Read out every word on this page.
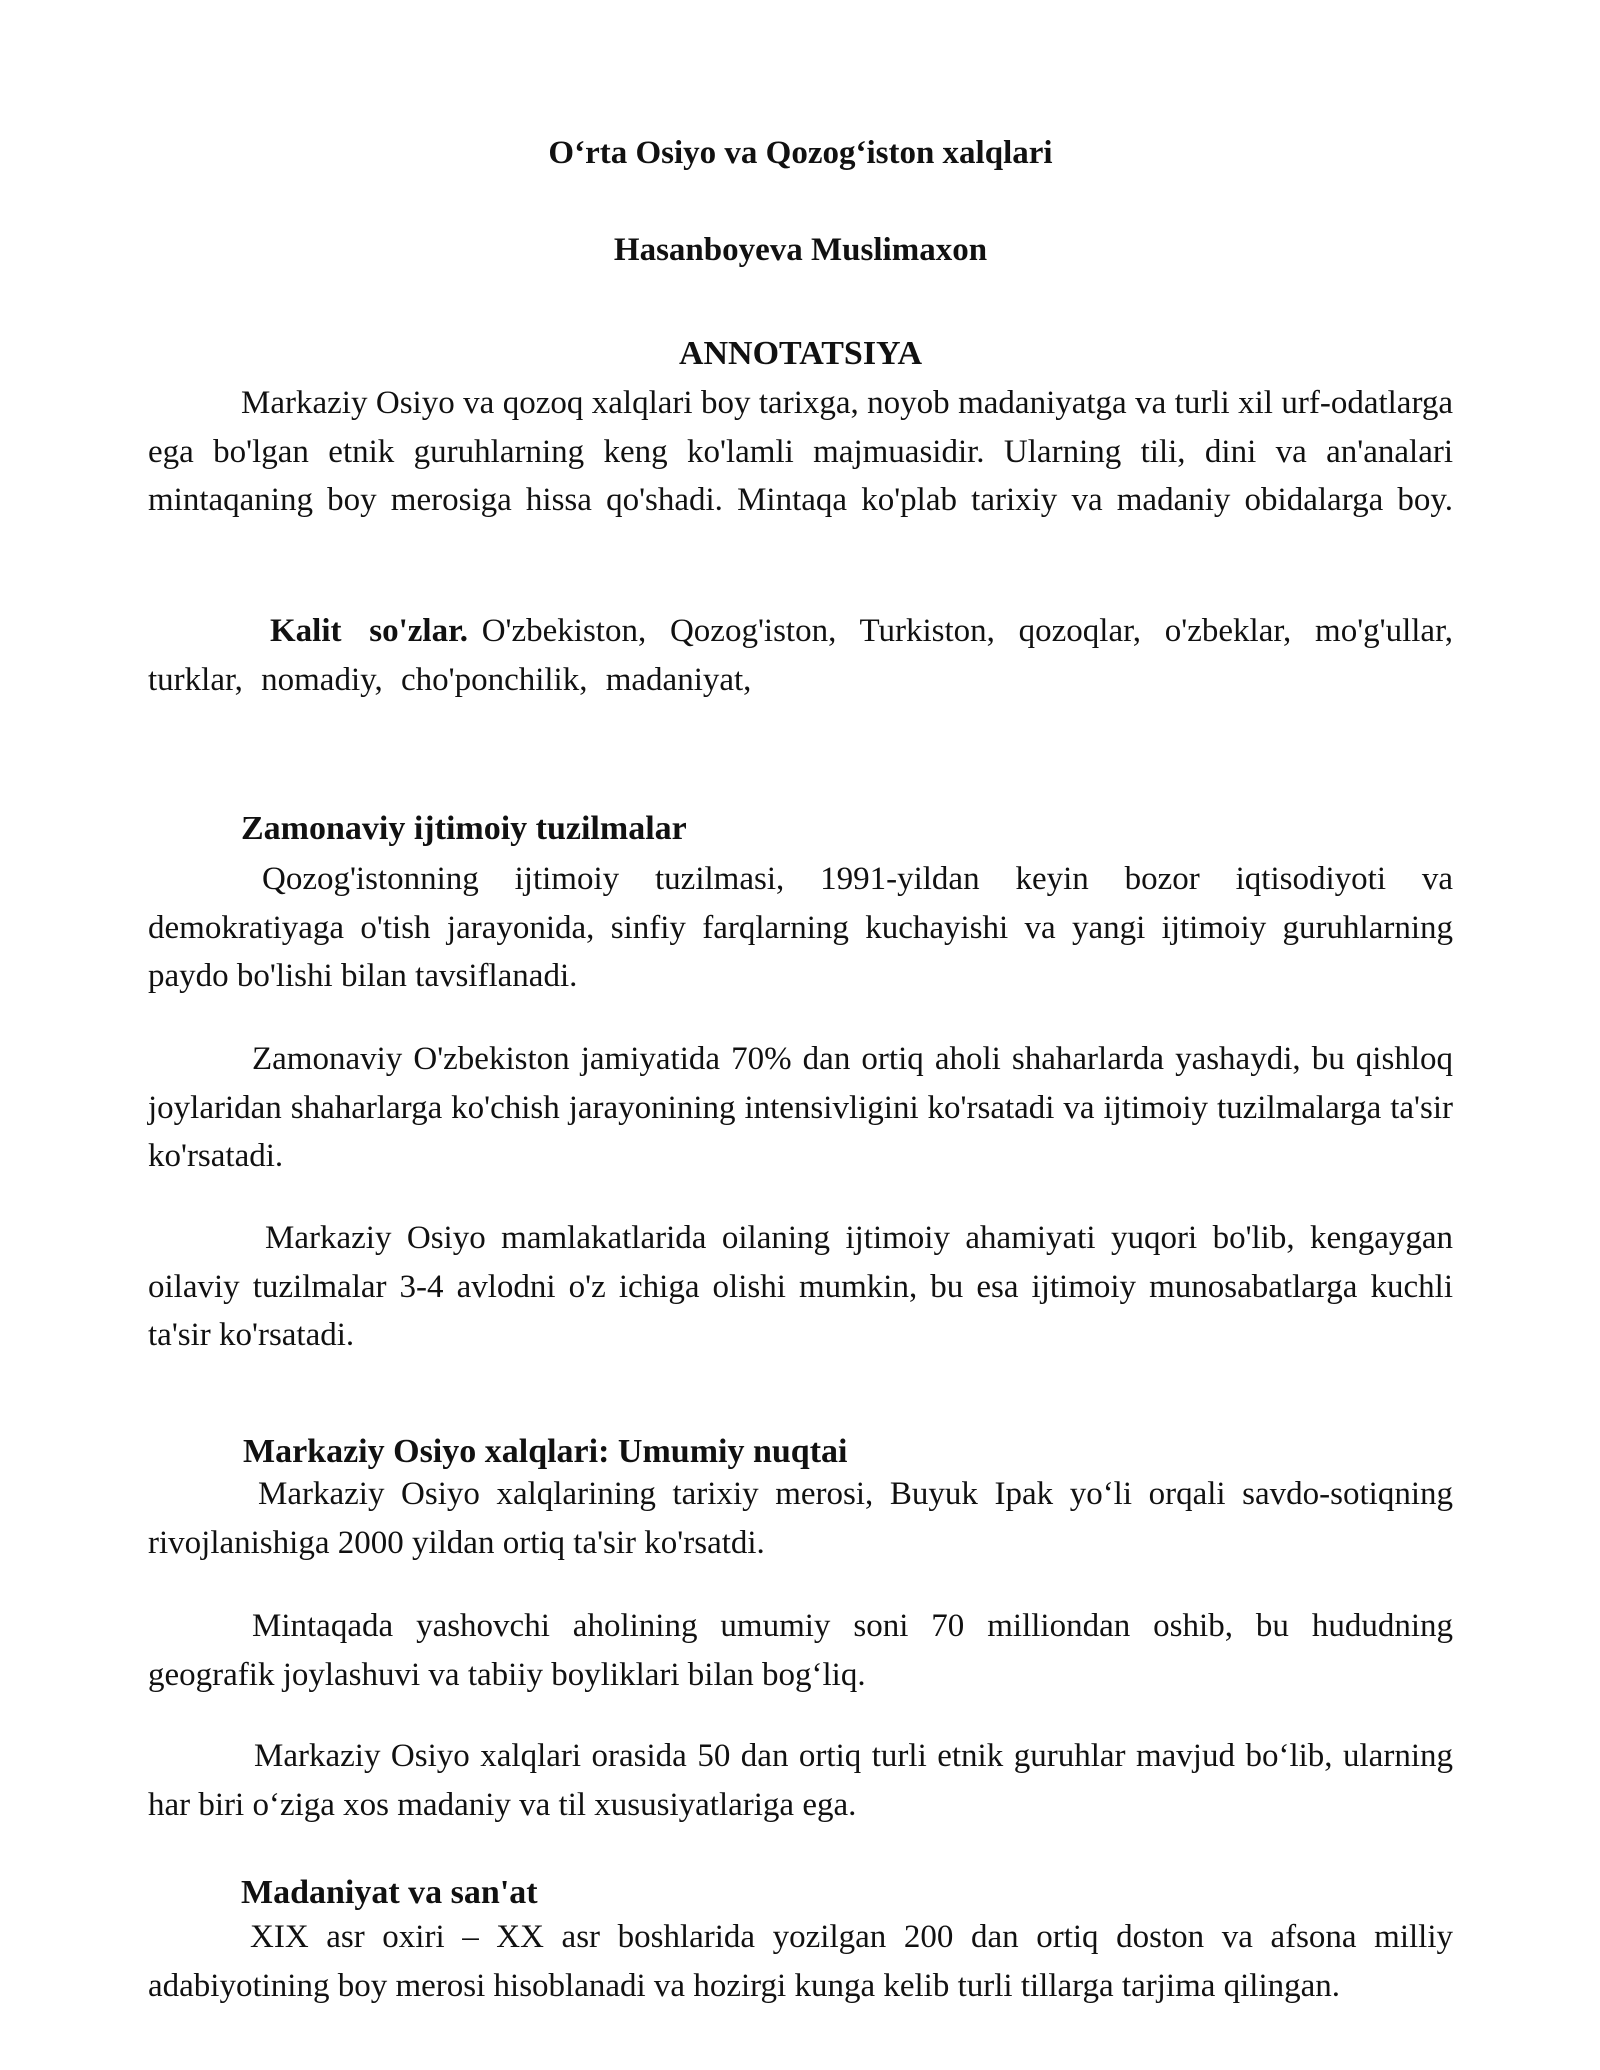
O‘rta Osiyo va Qozog‘iston xalqlari
Hasanboyeva Muslimaxon
ANNOTATSIYA

Markaziy Osiyo va qozoq xalqlari boy tarixga, noyob madaniyatga va turli xil urf-odatlarga ega bo'lgan etnik guruhlarning keng ko'lamli majmuasidir. Ularning tili, dini va an'analari mintaqaning boy merosiga hissa qo'shadi. Mintaqa ko'plab tarixiy va madaniy obidalarga boy.

Kalit so'zlar. O'zbekiston, Qozog'iston, Turkiston, qozoqlar, o'zbeklar, mo'g'ullar, turklar, nomadiy, cho'ponchilik, madaniyat,

Zamonaviy ijtimoiy tuzilmalar

Qozog'istonning ijtimoiy tuzilmasi, 1991-yildan keyin bozor iqtisodiyoti va demokratiyaga o'tish jarayonida, sinfiy farqlarning kuchayishi va yangi ijtimoiy guruhlarning paydo bo'lishi bilan tavsiflanadi.

Zamonaviy O'zbekiston jamiyatida 70% dan ortiq aholi shaharlarda yashaydi, bu qishloq joylaridan shaharlarga ko'chish jarayonining intensivligini ko'rsatadi va ijtimoiy tuzilmalarga ta'sir ko'rsatadi.

Markaziy Osiyo mamlakatlarida oilaning ijtimoiy ahamiyati yuqori bo'lib, kengaygan oilaviy tuzilmalar 3-4 avlodni o'z ichiga olishi mumkin, bu esa ijtimoiy munosabatlarga kuchli ta'sir ko'rsatadi.

Markaziy Osiyo xalqlari: Umumiy nuqtai

Markaziy Osiyo xalqlarining tarixiy merosi, Buyuk Ipak yo‘li orqali savdo-sotiqning rivojlanishiga 2000 yildan ortiq ta'sir ko'rsatdi.

Mintaqada yashovchi aholining umumiy soni 70 milliondan oshib, bu hududning geografik joylashuvi va tabiiy boyliklari bilan bog‘liq.

Markaziy Osiyo xalqlari orasida 50 dan ortiq turli etnik guruhlar mavjud bo‘lib, ularning har biri o‘ziga xos madaniy va til xususiyatlariga ega.

Madaniyat va san'at

XIX asr oxiri – XX asr boshlarida yozilgan 200 dan ortiq doston va afsona milliy adabiyotining boy merosi hisoblanadi va hozirgi kunga kelib turli tillarga tarjima qilingan.
